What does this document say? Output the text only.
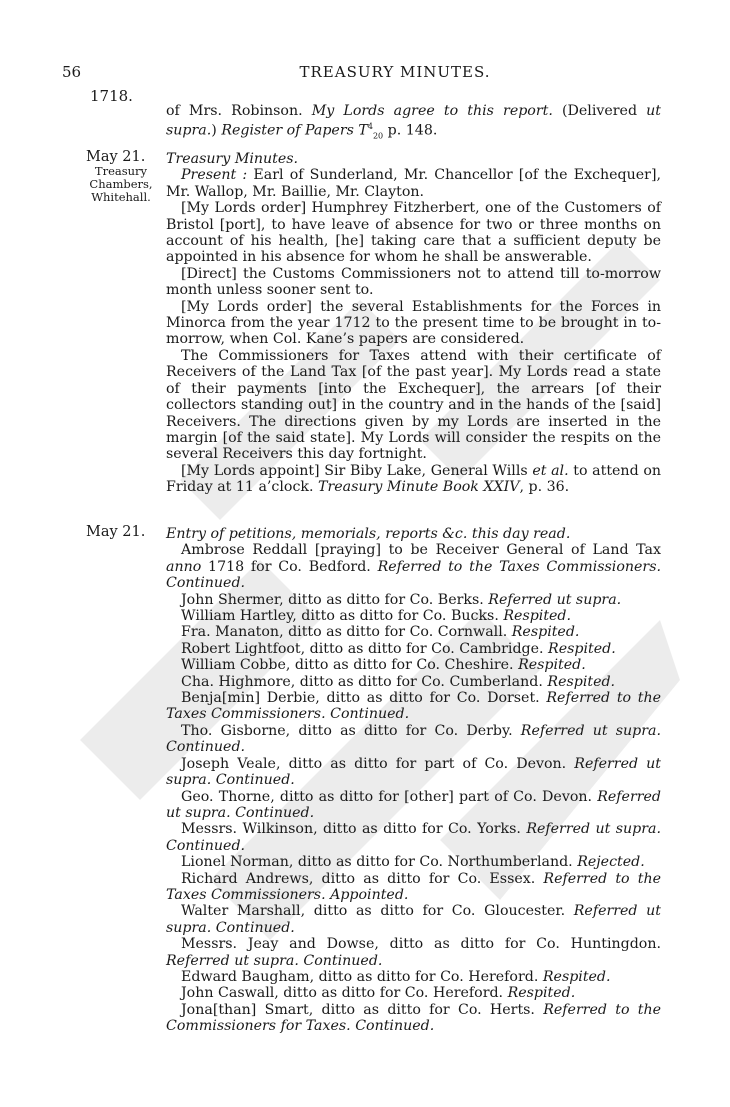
56	TREASURY MINUTES.
1718.

of Mrs. Robinson. My Lords agree to this report. (Delivered ut supra.) Register of Papers $T^4_{20}$ p. 148.

May 21.
Treasury Chambers, Whitehall.

Treasury Minutes.

Present : Earl of Sunderland, Mr. Chancellor [of the Exchequer], Mr. Wallop, Mr. Baillie, Mr. Clayton.

[My Lords order] Humphrey Fitzherbert, one of the Customers of Bristol [port], to have leave of absence for two or three months on account of his health, [he] taking care that a sufficient deputy be appointed in his absence for whom he shall be answerable.

[Direct] the Customs Commissioners not to attend till to-morrow month unless sooner sent to.

[My Lords order] the several Establishments for the Forces in Minorca from the year 1712 to the present time to be brought in to-morrow, when Col. Kane’s papers are considered.

The Commissioners for Taxes attend with their certificate of Receivers of the Land Tax [of the past year]. My Lords read a state of their payments [into the Exchequer], the arrears [of their collectors standing out] in the country and in the hands of the [said] Receivers. The directions given by my Lords are inserted in the margin [of the said state]. My Lords will consider the respits on the several Receivers this day fortnight.

[My Lords appoint] Sir Biby Lake, General Wills et al. to attend on Friday at 11 a’clock. Treasury Minute Book XXIV, p. 36.

May 21.	Entry of petitions, memorials, reports &c. this day read.

Ambrose Reddall [praying] to be Receiver General of Land Tax anno 1718 for Co. Bedford. Referred to the Taxes Commissioners. Continued.

John Shermer, ditto as ditto for Co. Berks. Referred ut supra.

William Hartley, ditto as ditto for Co. Bucks. Respited.

Fra. Manaton, ditto as ditto for Co. Cornwall. Respited.

Robert Lightfoot, ditto as ditto for Co. Cambridge. Respited.

William Cobbe, ditto as ditto for Co. Cheshire. Respited.

Cha. Highmore, ditto as ditto for Co. Cumberland. Respited.

Benja[min] Derbie, ditto as ditto for Co. Dorset. Referred to the Taxes Commissioners. Continued.

Tho. Gisborne, ditto as ditto for Co. Derby. Referred ut supra. Continued.

Joseph Veale, ditto as ditto for part of Co. Devon. Referred ut supra. Continued.

Geo. Thorne, ditto as ditto for [other] part of Co. Devon. Referred ut supra. Continued.

Messrs. Wilkinson, ditto as ditto for Co. Yorks. Referred ut supra. Continued.

Lionel Norman, ditto as ditto for Co. Northumberland. Rejected.

Richard Andrews, ditto as ditto for Co. Essex. Referred to the Taxes Commissioners. Appointed.

Walter Marshall, ditto as ditto for Co. Gloucester. Referred ut supra. Continued.

Messrs. Jeay and Dowse, ditto as ditto for Co. Huntingdon. Referred ut supra. Continued.

Edward Baugham, ditto as ditto for Co. Hereford. Respited.

John Caswall, ditto as ditto for Co. Hereford. Respited.

Jona[than] Smart, ditto as ditto for Co. Herts. Referred to the Commissioners for Taxes. Continued.
